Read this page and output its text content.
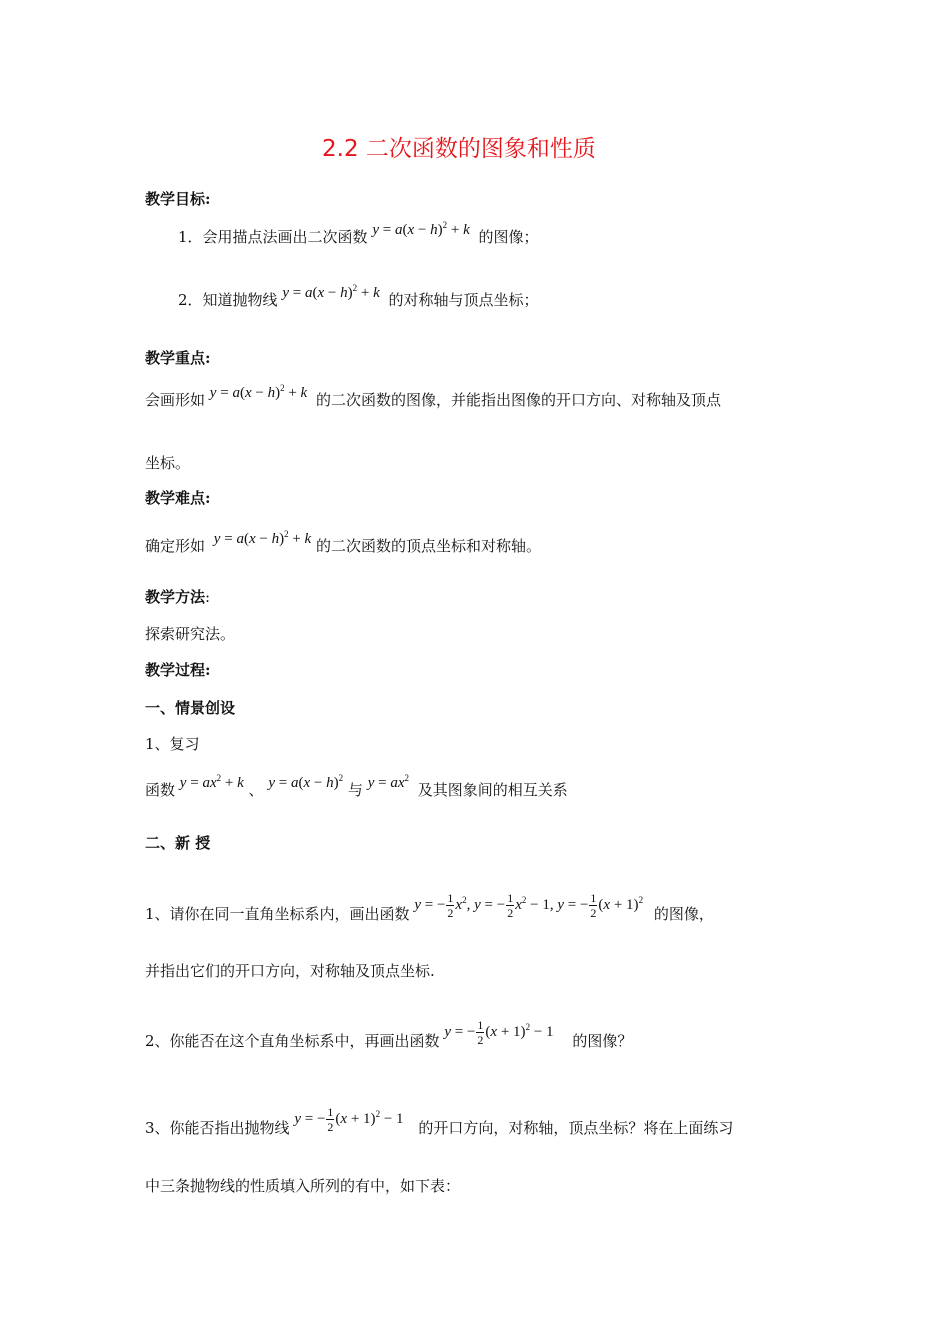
2.2 二次函数的图象和性质
教学目标:
1．会用描点法画出二次函数 $y = a(x - h)^2 + k$ 的图像；
2．知道抛物线 $y = a(x - h)^2 + k$ 的对称轴与顶点坐标；
教学重点:
会画形如 $y = a(x - h)^2 + k$ 的二次函数的图像，并能指出图像的开口方向、对称轴及顶点
坐标。
教学难点:
确定形如 $y = a(x - h)^2 + k$ 的二次函数的顶点坐标和对称轴。
教学方法:
探索研究法。
教学过程:
一、情景创设
1、复习
函数 $y = ax^2 + k$ 、 $y = a(x - h)^2$ 与 $y = ax^2$ 及其图象间的相互关系
二、新 授
1、请你在同一直角坐标系内，画出函数 y = − $\frac{1}{2} x^2$, y = − $\frac{1}{2} x^2 - 1$, y = − $\frac{1}{2} (x + 1)^2$ 的图像，
并指出它们的开口方向，对称轴及顶点坐标.
2、你能否在这个直角坐标系中，再画出函数 y = − $\frac{1}{2} (x + 1)^2 - 1$ 的图像？
3、你能否指出抛物线 y = − $\frac{1}{2} (x + 1)^2 - 1$ 的开口方向，对称轴，顶点坐标？将在上面练习
中三条抛物线的性质填入所列的有中，如下表：
